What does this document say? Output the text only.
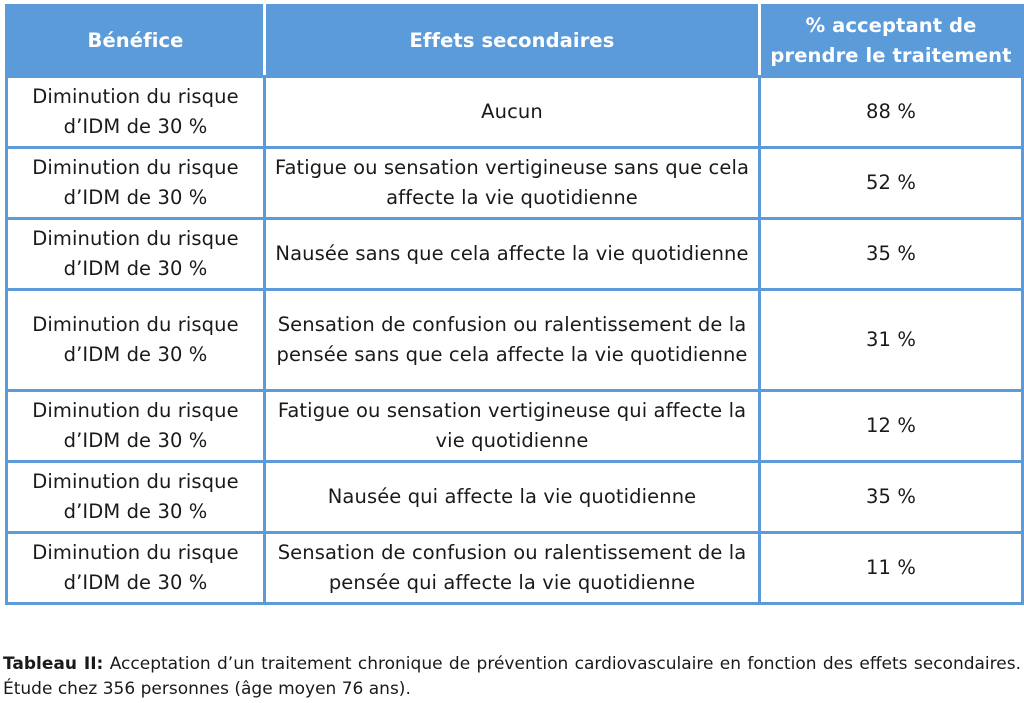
Bénéfice	Effets secondaires	% acceptant de prendre le traitement
Diminution du risque d’IDM de 30 %	Aucun	88 %
Diminution du risque d’IDM de 30 %	Fatigue ou sensation vertigineuse sans que cela affecte la vie quotidienne	52 %
Diminution du risque d’IDM de 30 %	Nausée sans que cela affecte la vie quotidienne	35 %
Diminution du risque d’IDM de 30 %	Sensation de confusion ou ralentissement de la pensée sans que cela affecte la vie quotidienne	31 %
Diminution du risque d’IDM de 30 %	Fatigue ou sensation vertigineuse qui affecte la vie quotidienne	12 %
Diminution du risque d’IDM de 30 %	Nausée qui affecte la vie quotidienne	35 %
Diminution du risque d’IDM de 30 %	Sensation de confusion ou ralentissement de la pensée qui affecte la vie quotidienne	11 %
Tableau II: Acceptation d’un traitement chronique de prévention cardiovasculaire en fonction des effets secondaires. Étude chez 356 personnes (âge moyen 76 ans).
